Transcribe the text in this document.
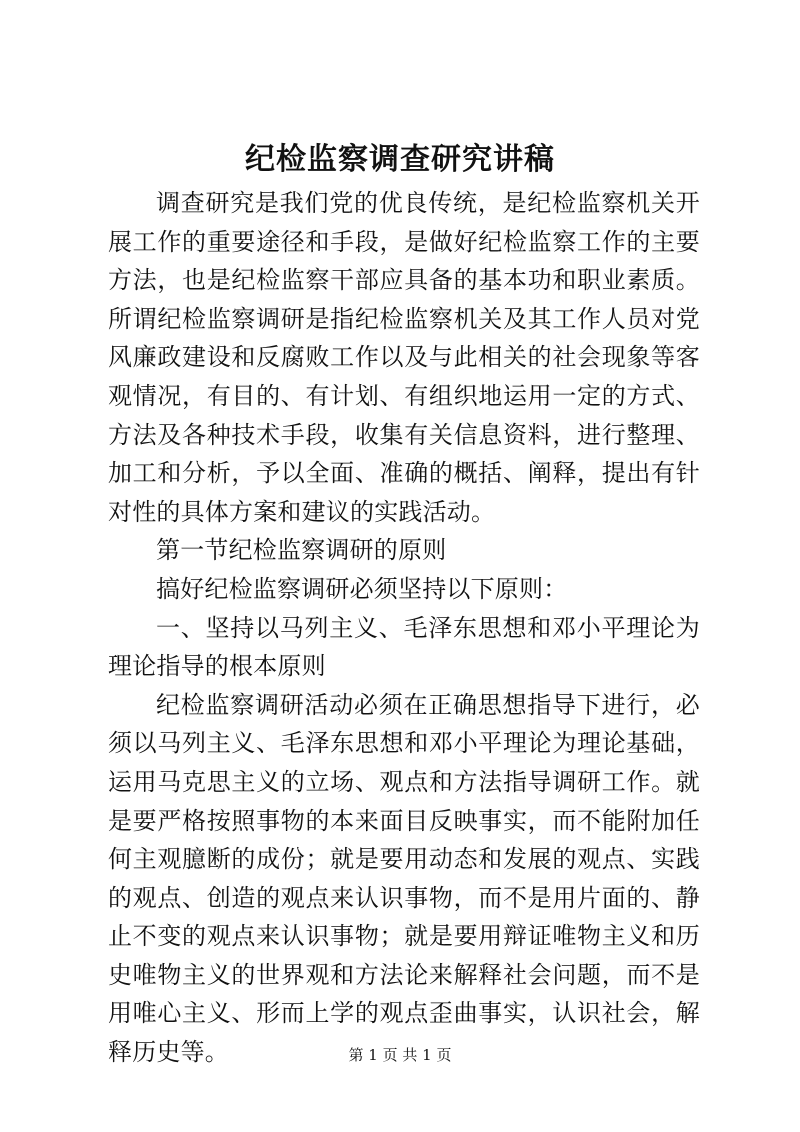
纪检监察调查研究讲稿

调查研究是我们党的优良传统，是纪检监察机关开展工作的重要途径和手段，是做好纪检监察工作的主要方法，也是纪检监察干部应具备的基本功和职业素质。所谓纪检监察调研是指纪检监察机关及其工作人员对党风廉政建设和反腐败工作以及与此相关的社会现象等客观情况，有目的、有计划、有组织地运用一定的方式、方法及各种技术手段，收集有关信息资料，进行整理、加工和分析，予以全面、准确的概括、阐释，提出有针对性的具体方案和建议的实践活动。

第一节纪检监察调研的原则

搞好纪检监察调研必须坚持以下原则：

一、坚持以马列主义、毛泽东思想和邓小平理论为理论指导的根本原则

纪检监察调研活动必须在正确思想指导下进行，必须以马列主义、毛泽东思想和邓小平理论为理论基础，运用马克思主义的立场、观点和方法指导调研工作。就是要严格按照事物的本来面目反映事实，而不能附加任何主观臆断的成份；就是要用动态和发展的观点、实践的观点、创造的观点来认识事物，而不是用片面的、静止不变的观点来认识事物；就是要用辩证唯物主义和历史唯物主义的世界观和方法论来解释社会问题，而不是用唯心主义、形而上学的观点歪曲事实，认识社会，解释历史等。	第 1 页 共 1 页
